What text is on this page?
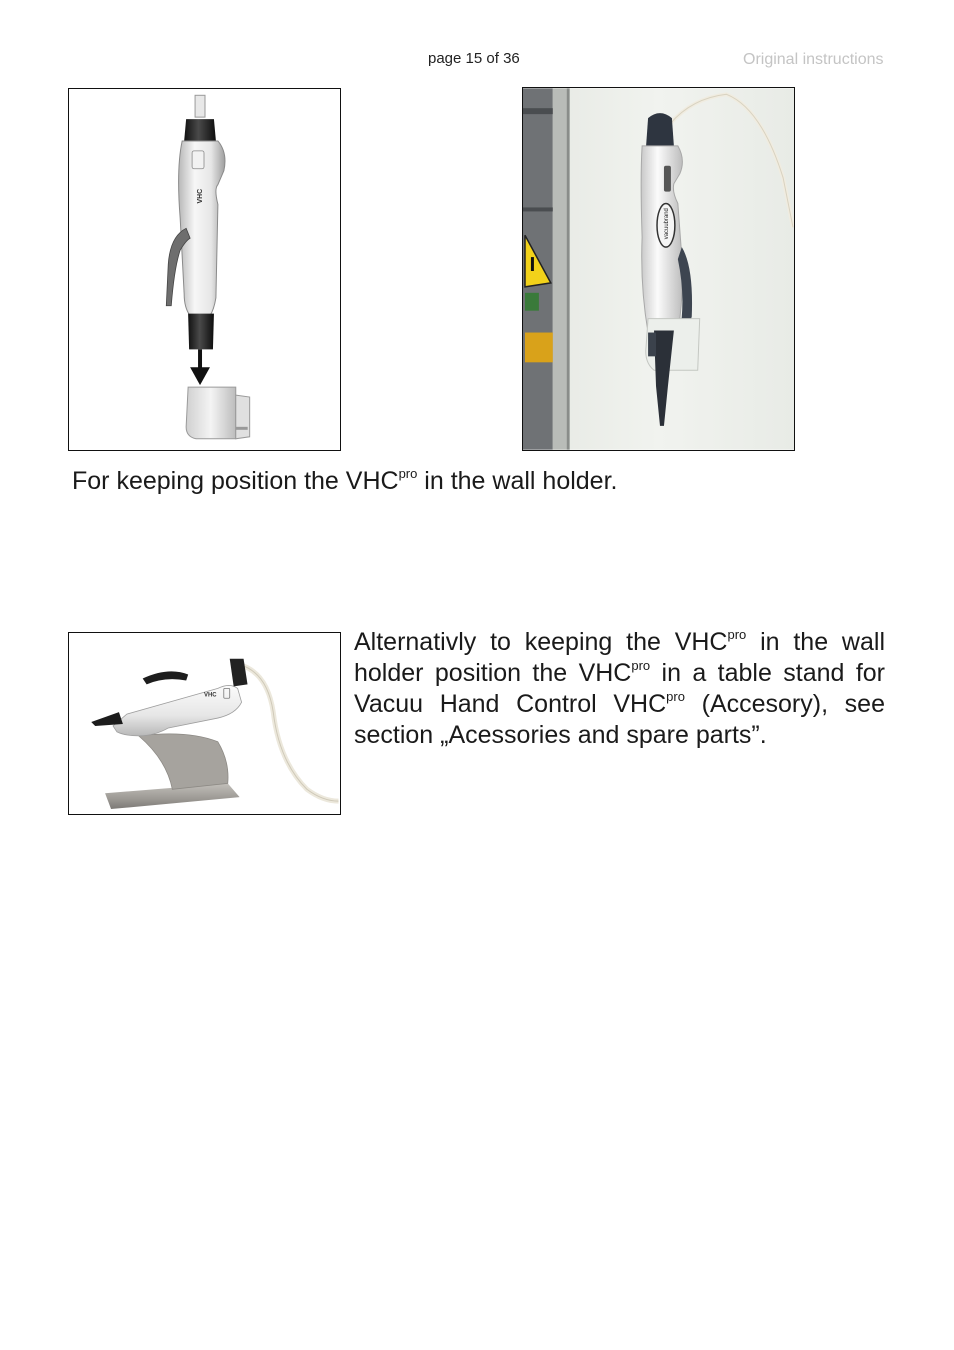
page 15 of 36	Original instructions
VHC
vacuubrand
For keeping position the $VHC^{pro}$ in the wall holder.
VHC
Alternativly to keeping the $VHC^{pro}$ in the wall holder position the $VHC^{pro}$ in a table stand for Vacuu Hand Control $VHC^{pro}$ (Accesory), see section „Acessories and spare parts”.
